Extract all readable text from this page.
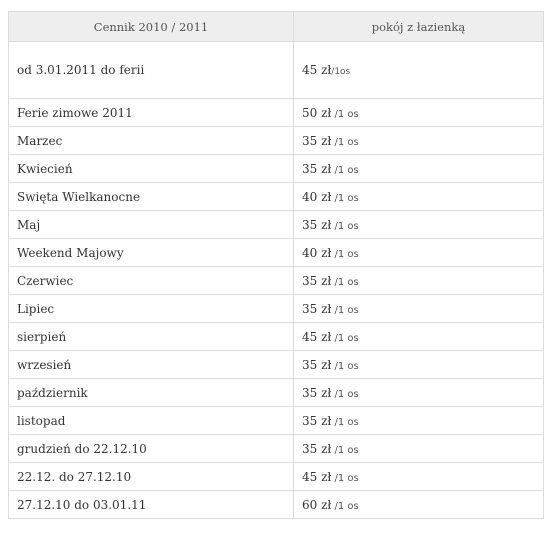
Cennik 2010 / 2011	pokój z łazienką
od 3.01.2011 do ferii	45 zł/1os
Ferie zimowe 2011	50 zł /1 os
Marzec	35 zł /1 os
Kwiecień	35 zł /1 os
Swięta Wielkanocne	40 zł /1 os
Maj	35 zł /1 os
Weekend Majowy	40 zł /1 os
Czerwiec	35 zł /1 os
Lipiec	35 zł /1 os
sierpień	45 zł /1 os
wrzesień	35 zł /1 os
październik	35 zł /1 os
listopad	35 zł /1 os
grudzień do 22.12.10	35 zł /1 os
22.12. do 27.12.10	45 zł /1 os
27.12.10 do 03.01.11	60 zł /1 os
